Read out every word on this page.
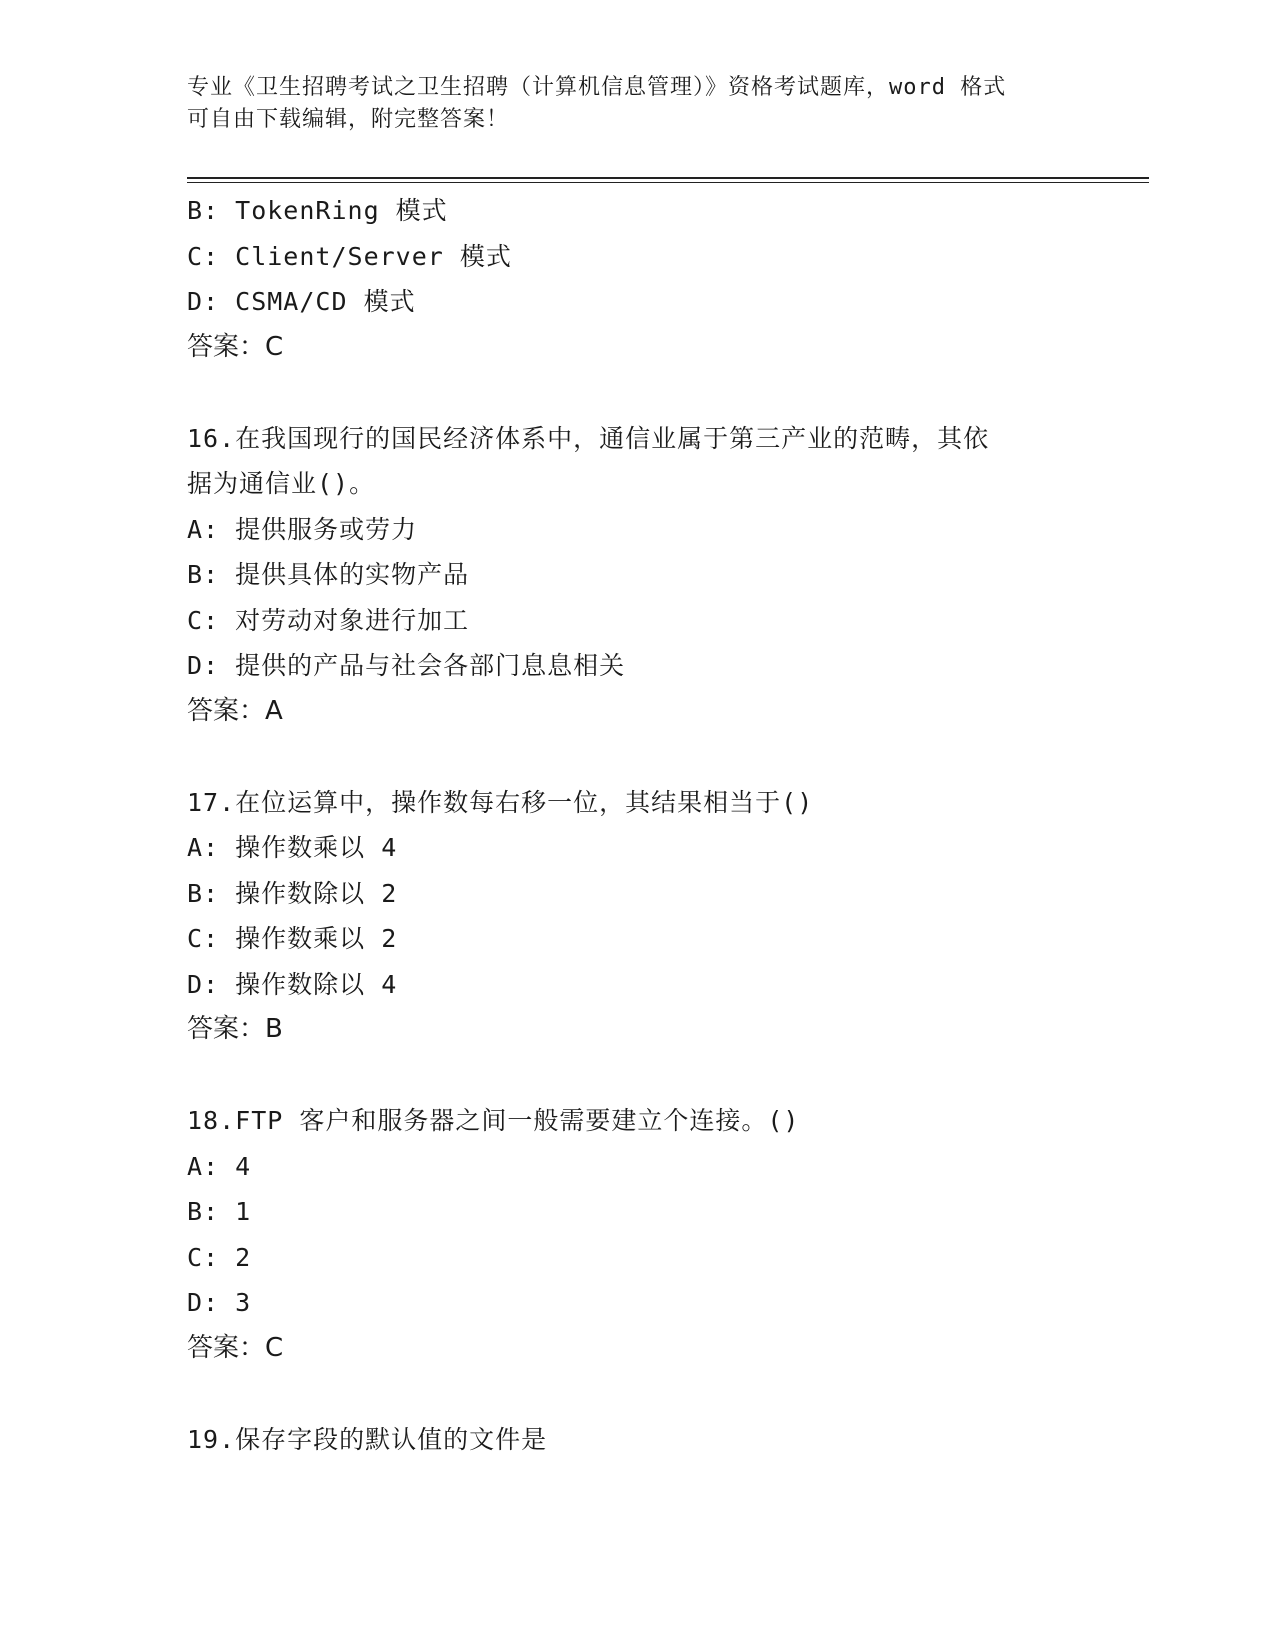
专业《卫生招聘考试之卫生招聘（计算机信息管理）》资格考试题库，word 格式
可自由下载编辑，附完整答案！
B: TokenRing 模式
C: Client/Server 模式
D: CSMA/CD 模式
答案：C
16.在我国现行的国民经济体系中，通信业属于第三产业的范畴，其依
据为通信业()。
A: 提供服务或劳力
B: 提供具体的实物产品
C: 对劳动对象进行加工
D: 提供的产品与社会各部门息息相关
答案：A
17.在位运算中，操作数每右移一位，其结果相当于()
A: 操作数乘以 4
B: 操作数除以 2
C: 操作数乘以 2
D: 操作数除以 4
答案：B
18.FTP 客户和服务器之间一般需要建立个连接。()
A: 4
B: 1
C: 2
D: 3
答案：C
19.保存字段的默认值的文件是
